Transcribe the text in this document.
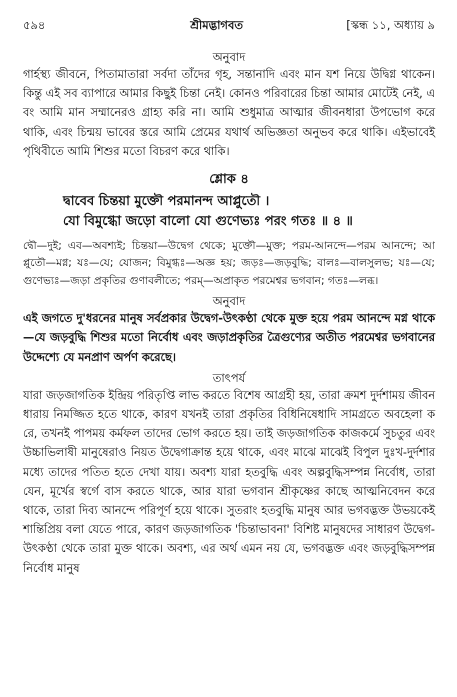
৫৯৪	শ্রীমদ্ভাগবত	[স্কন্ধ ১১, অধ্যায় ৯

অনুবাদ

গার্হস্থ্য জীবনে, পিতামাতারা সর্বদা তাঁদের গৃহ, সন্তানাদি এবং মান যশ নিয়ে উদ্বিগ্ন থাকেন। কিন্তু এই সব ব্যাপারে আমার কিছুই চিন্তা নেই। কোনও পরিবারের চিন্তা আমার মোটেই নেই, এবং আমি মান সম্মানেরও গ্রাহ্য করি না। আমি শুধুমাত্র আত্মার জীবনধারা উপভোগ করে থাকি, এবং চিন্ময় ভাবের স্তরে আমি প্রেমের যথার্থ অভিজ্ঞতা অনুভব করে থাকি। এইভাবেই পৃথিবীতে আমি শিশুর মতো বিচরণ করে থাকি।

শ্লোক ৪

দ্বাবেব চিন্তয়া মুক্তৌ পরমানন্দ আপ্লুতৌ ।

যো বিমুগ্ধো জড়ো বালো যো গুণেভ্যঃ পরং গতঃ ॥ ৪ ॥

দ্বৌ—দুই; এব—অবশ্যই; চিন্তয়া—উদ্বেগ থেকে; মুক্তৌ—মুক্ত; পরম-আনন্দে—পরম আনন্দে; আপ্লুতৌ—মগ্ন; যঃ—যে; যোজন; বিমুগ্ধঃ—অজ্ঞ হয়; জড়ঃ—জড়বুদ্ধি; বালঃ—বালসুলভ; যঃ—যে; গুণেভ্যঃ—জড়া প্রকৃতির গুণাবলীতে; পরম্—অপ্রাকৃত পরমেশ্বর ভগবান; গতঃ—লব্ধ।

অনুবাদ

এই জগতে দু'ধরনের মানুষ সর্বপ্রকার উদ্বেগ-উৎকণ্ঠা থেকে মুক্ত হয়ে পরম আনন্দে মগ্ন থাকে—যে জড়বুদ্ধি শিশুর মতো নির্বোধ এবং জড়াপ্রকৃতির ত্রৈগুণ্যের অতীত পরমেশ্বর ভগবানের উদ্দেশ্যে যে মনপ্রাণ অর্পণ করেছে।

তাৎপর্য

যারা জড়জাগতিক ইন্দ্রিয় পরিতৃপ্তি লাভ করতে বিশেষ আগ্রহী হয়, তারা ক্রমশ দুর্দশাময় জীবন ধারায় নিমজ্জিত হতে থাকে, কারণ যখনই তারা প্রকৃতির বিধিনিষেধাদি সামগ্রতে অবহেলা করে, তখনই পাপময় কর্মফল তাদের ভোগ করতে হয়। তাই জড়জাগতিক কাজকর্মে সুচতুর এবং উচ্চাভিলাষী মানুষেরাও নিয়ত উদ্বেগাক্রান্ত হয়ে থাকে, এবং মাঝে মাঝেই বিপুল দুঃখ-দুর্দশার মধ্যে তাদের পতিত হতে দেখা যায়। অবশ্য যারা হতবুদ্ধি এবং অল্পবুদ্ধিসম্পন্ন নির্বোধ, তারা যেন, মূর্খের স্বর্গে বাস করতে থাকে, আর যারা ভগবান শ্রীকৃষ্ণের কাছে আত্মনিবেদন করে থাকে, তারা দিব্য আনন্দে পরিপূর্ণ হয়ে থাকে। সুতরাং হতবুদ্ধি মানুষ আর ভগবদ্ভক্ত উভয়কেই শান্তিপ্রিয় বলা যেতে পারে, কারণ জড়জাগতিক 'চিন্তাভাবনা' বিশিষ্ট মানুষদের সাধারণ উদ্বেগ-উৎকণ্ঠা থেকে তারা মুক্ত থাকে। অবশ্য, এর অর্থ এমন নয় যে, ভগবদ্ভক্ত এবং জড়বুদ্ধিসম্পন্ন নির্বোধ মানুষ
